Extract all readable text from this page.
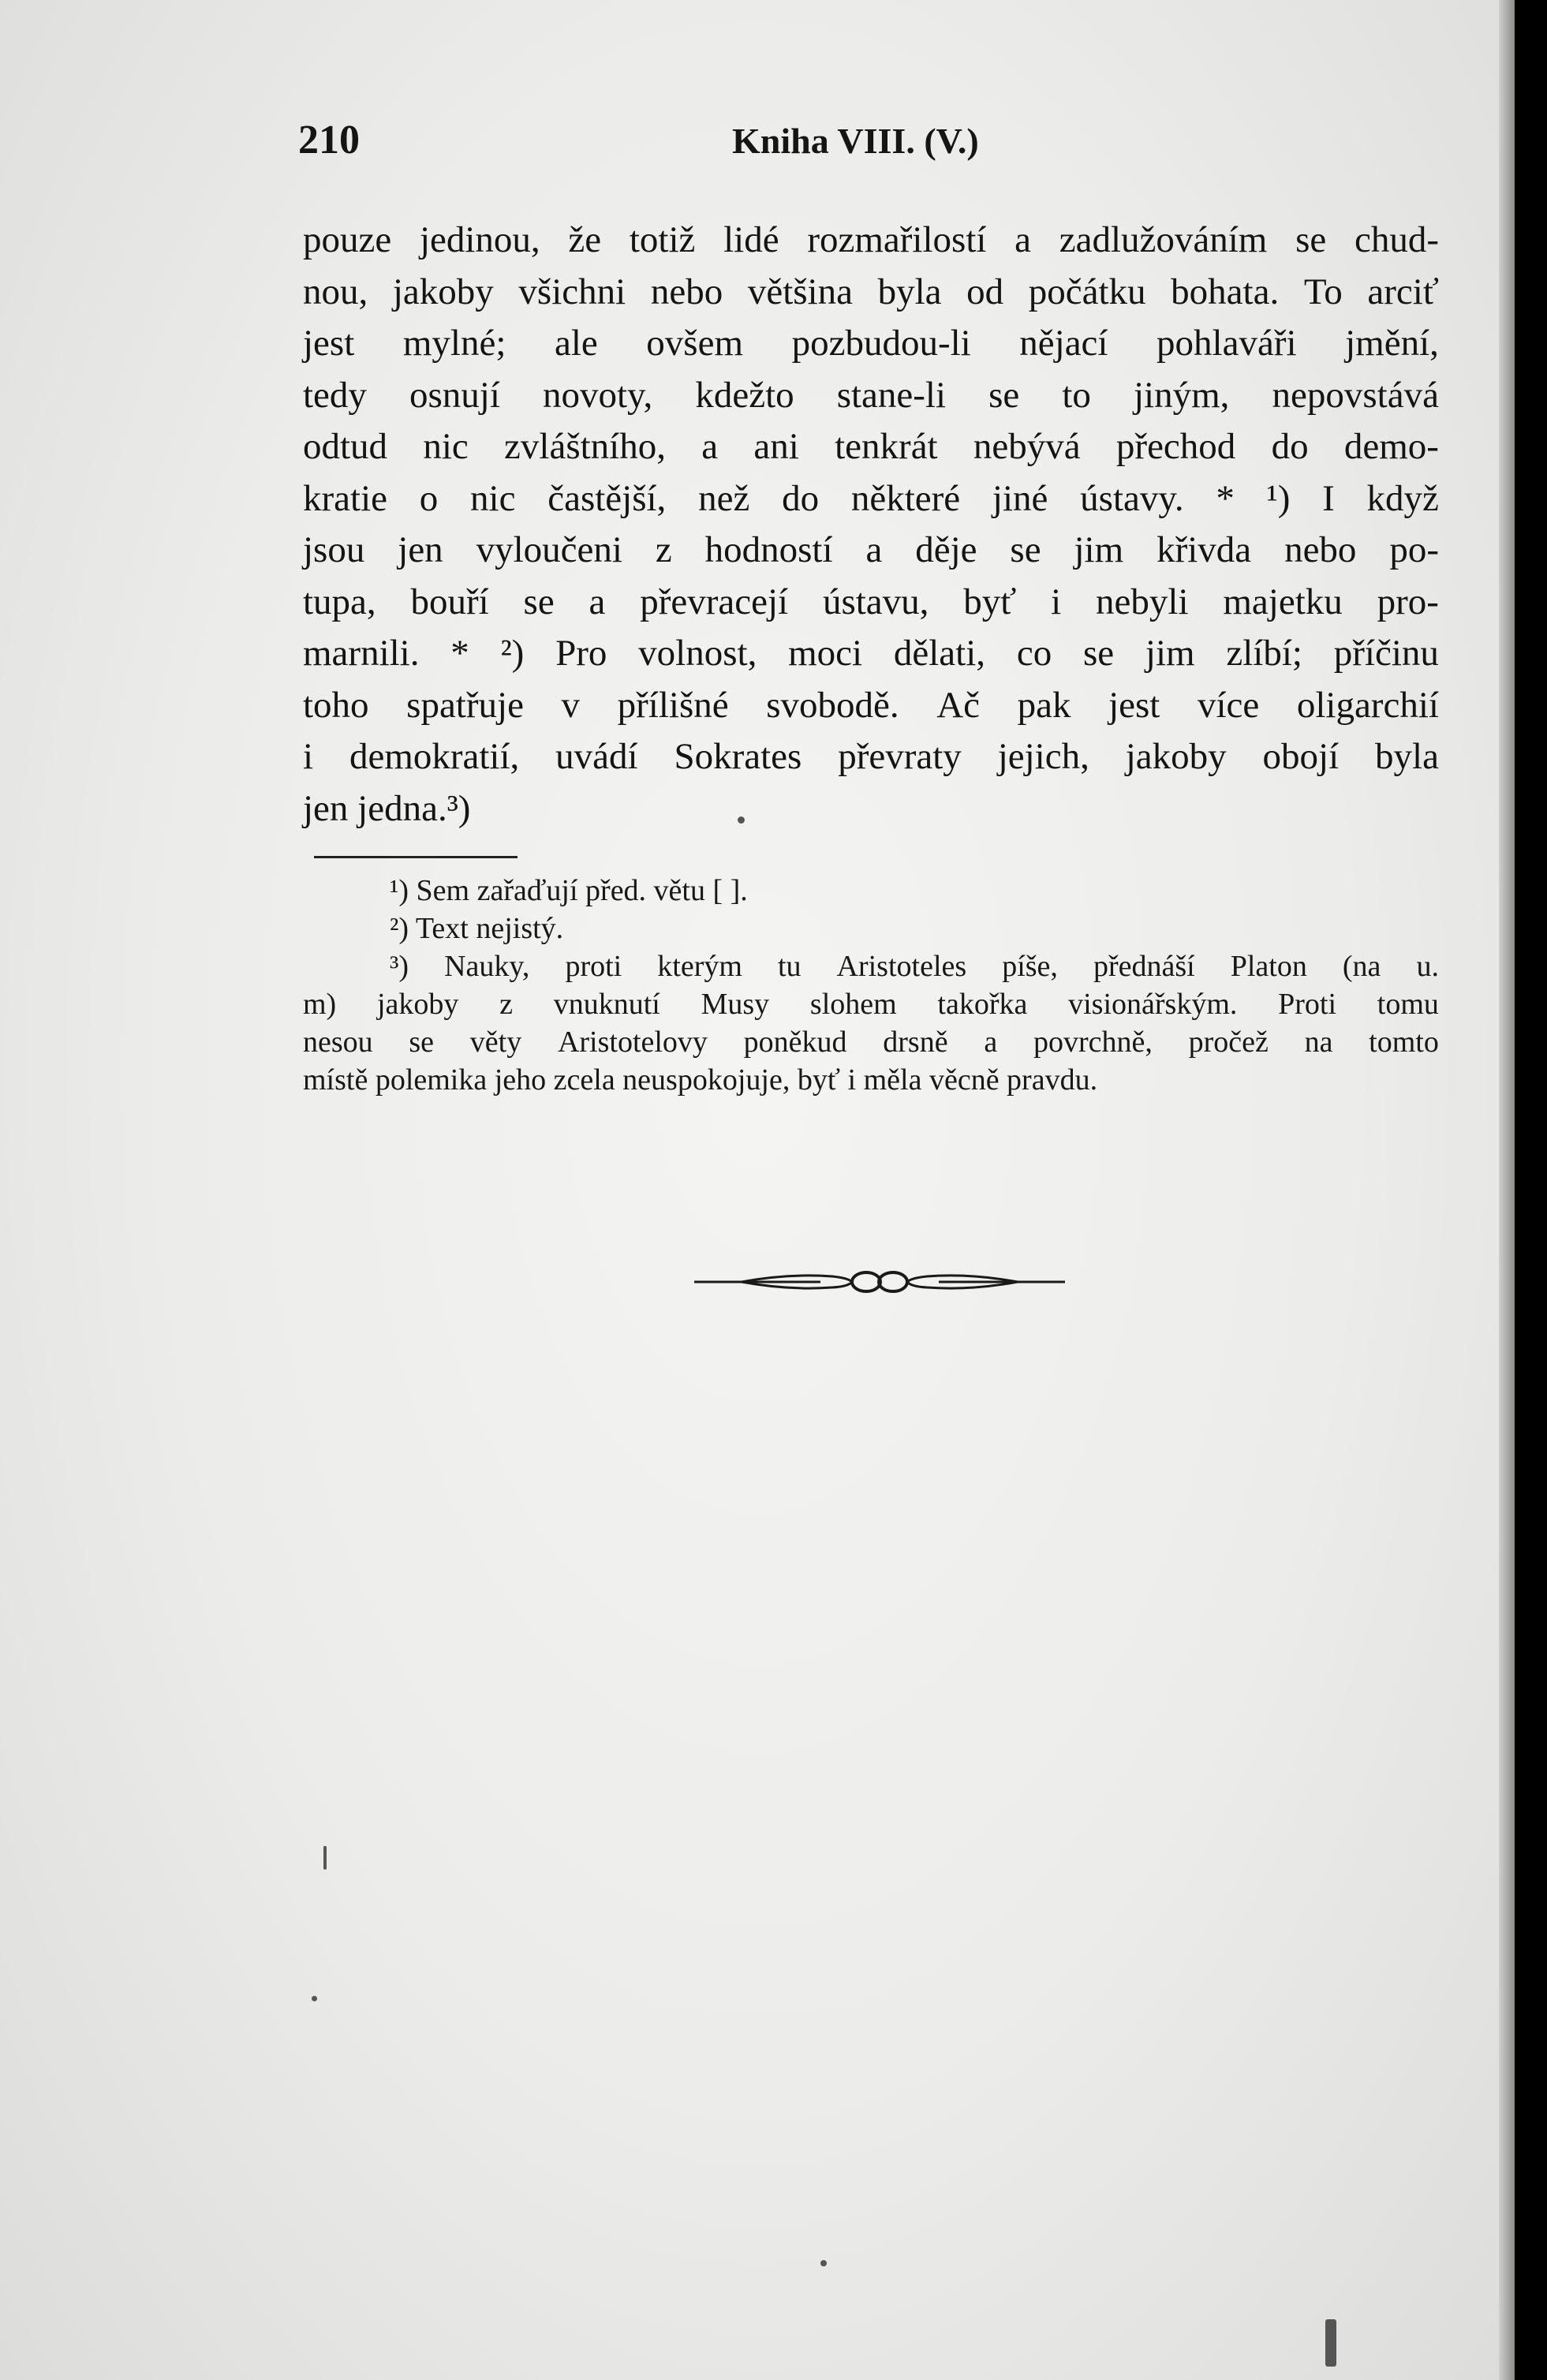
210	Kniha VIII. (V.)
pouze jedinou, že totiž lidé rozmařilostí a zadlužováním se chud-
nou, jakoby všichni nebo většina byla od počátku bohata. To arciť
jest mylné; ale ovšem pozbudou-li nějací pohlaváři jmění,
tedy osnují novoty, kdežto stane-li se to jiným, nepovstává
odtud nic zvláštního, a ani tenkrát nebývá přechod do demo-
kratie o nic častější, než do některé jiné ústavy. * ¹) I když
jsou jen vyloučeni z hodností a děje se jim křivda nebo po-
tupa, bouří se a převracejí ústavu, byť i nebyli majetku pro-
marnili. * ²) Pro volnost, moci dělati, co se jim zlíbí; příčinu
toho spatřuje v přílišné svobodě. Ač pak jest více oligarchií
i demokratií, uvádí Sokrates převraty jejich, jakoby obojí byla
jen jedna.³)
¹) Sem zařaďují před. větu [ ].
²) Text nejistý.
³) Nauky, proti kterým tu Aristoteles píše, přednáší Platon (na u.
m) jakoby z vnuknutí Musy slohem takořka visionářským. Proti tomu
nesou se věty Aristotelovy poněkud drsně a povrchně, pročež na tomto
místě polemika jeho zcela neuspokojuje, byť i měla věcně pravdu.
